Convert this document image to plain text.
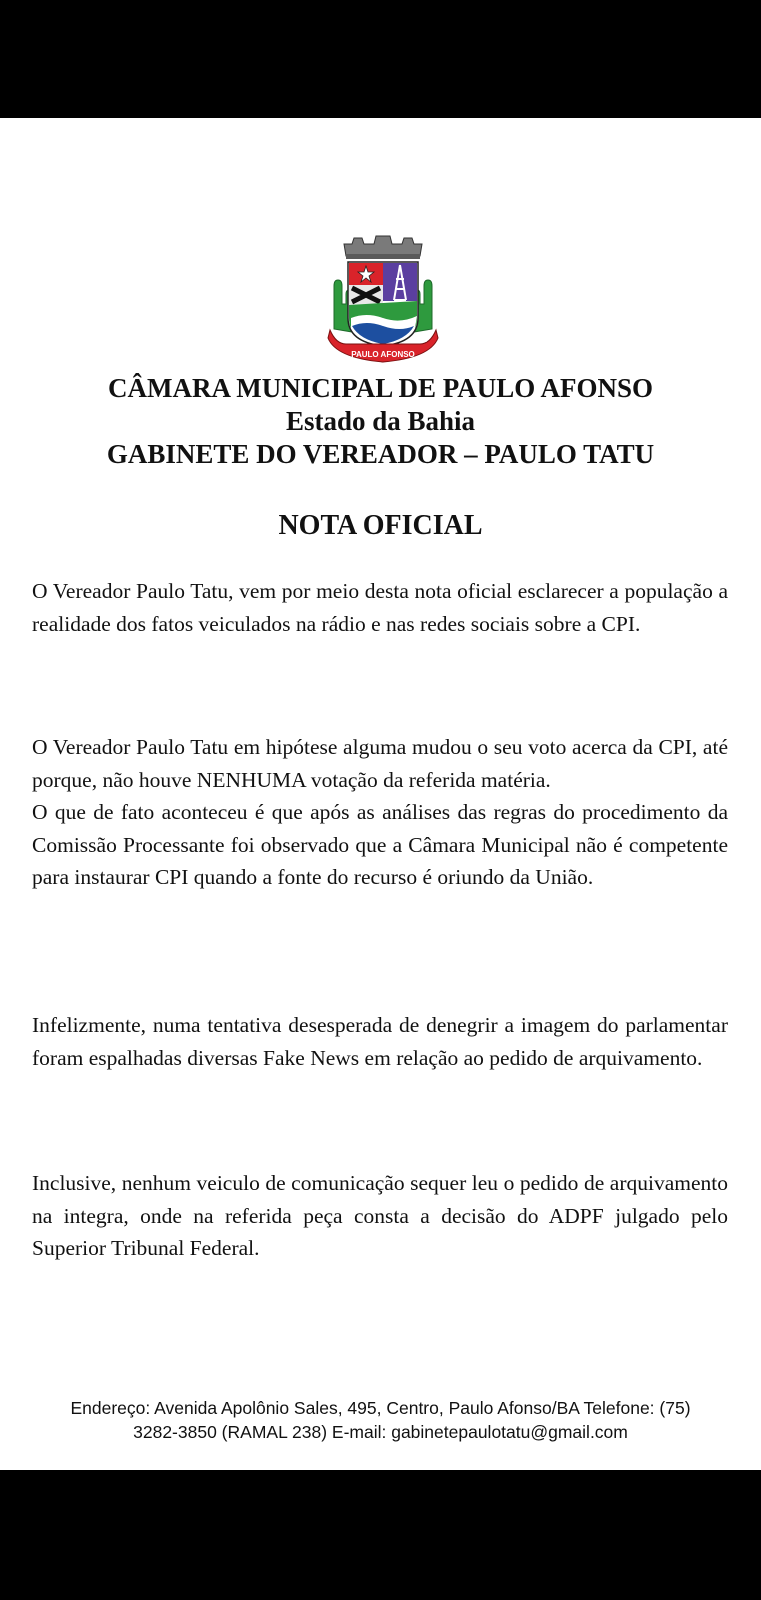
PAULO AFONSO
1725	1958
CÂMARA MUNICIPAL DE PAULO AFONSO
Estado da Bahia
GABINETE DO VEREADOR – PAULO TATU
NOTA OFICIAL
O Vereador Paulo Tatu, vem por meio desta nota oficial esclarecer a população a realidade dos fatos veiculados na rádio e nas redes sociais sobre a CPI.
O Vereador Paulo Tatu em hipótese alguma mudou o seu voto acerca da CPI, até porque, não houve NENHUMA votação da referida matéria.
O que de fato aconteceu é que após as análises das regras do procedimento da Comissão Processante foi observado que a Câmara Municipal não é competente para instaurar CPI quando a fonte do recurso é oriundo da União.
Infelizmente, numa tentativa desesperada de denegrir a imagem do parlamentar foram espalhadas diversas Fake News em relação ao pedido de arquivamento.
Inclusive, nenhum veiculo de comunicação sequer leu o pedido de arquivamento na integra, onde na referida peça consta a decisão do ADPF julgado pelo Superior Tribunal Federal.
Endereço: Avenida Apolônio Sales, 495, Centro, Paulo Afonso/BA Telefone: (75)
3282-3850 (RAMAL 238) E-mail: gabinetepaulotatu@gmail.com
